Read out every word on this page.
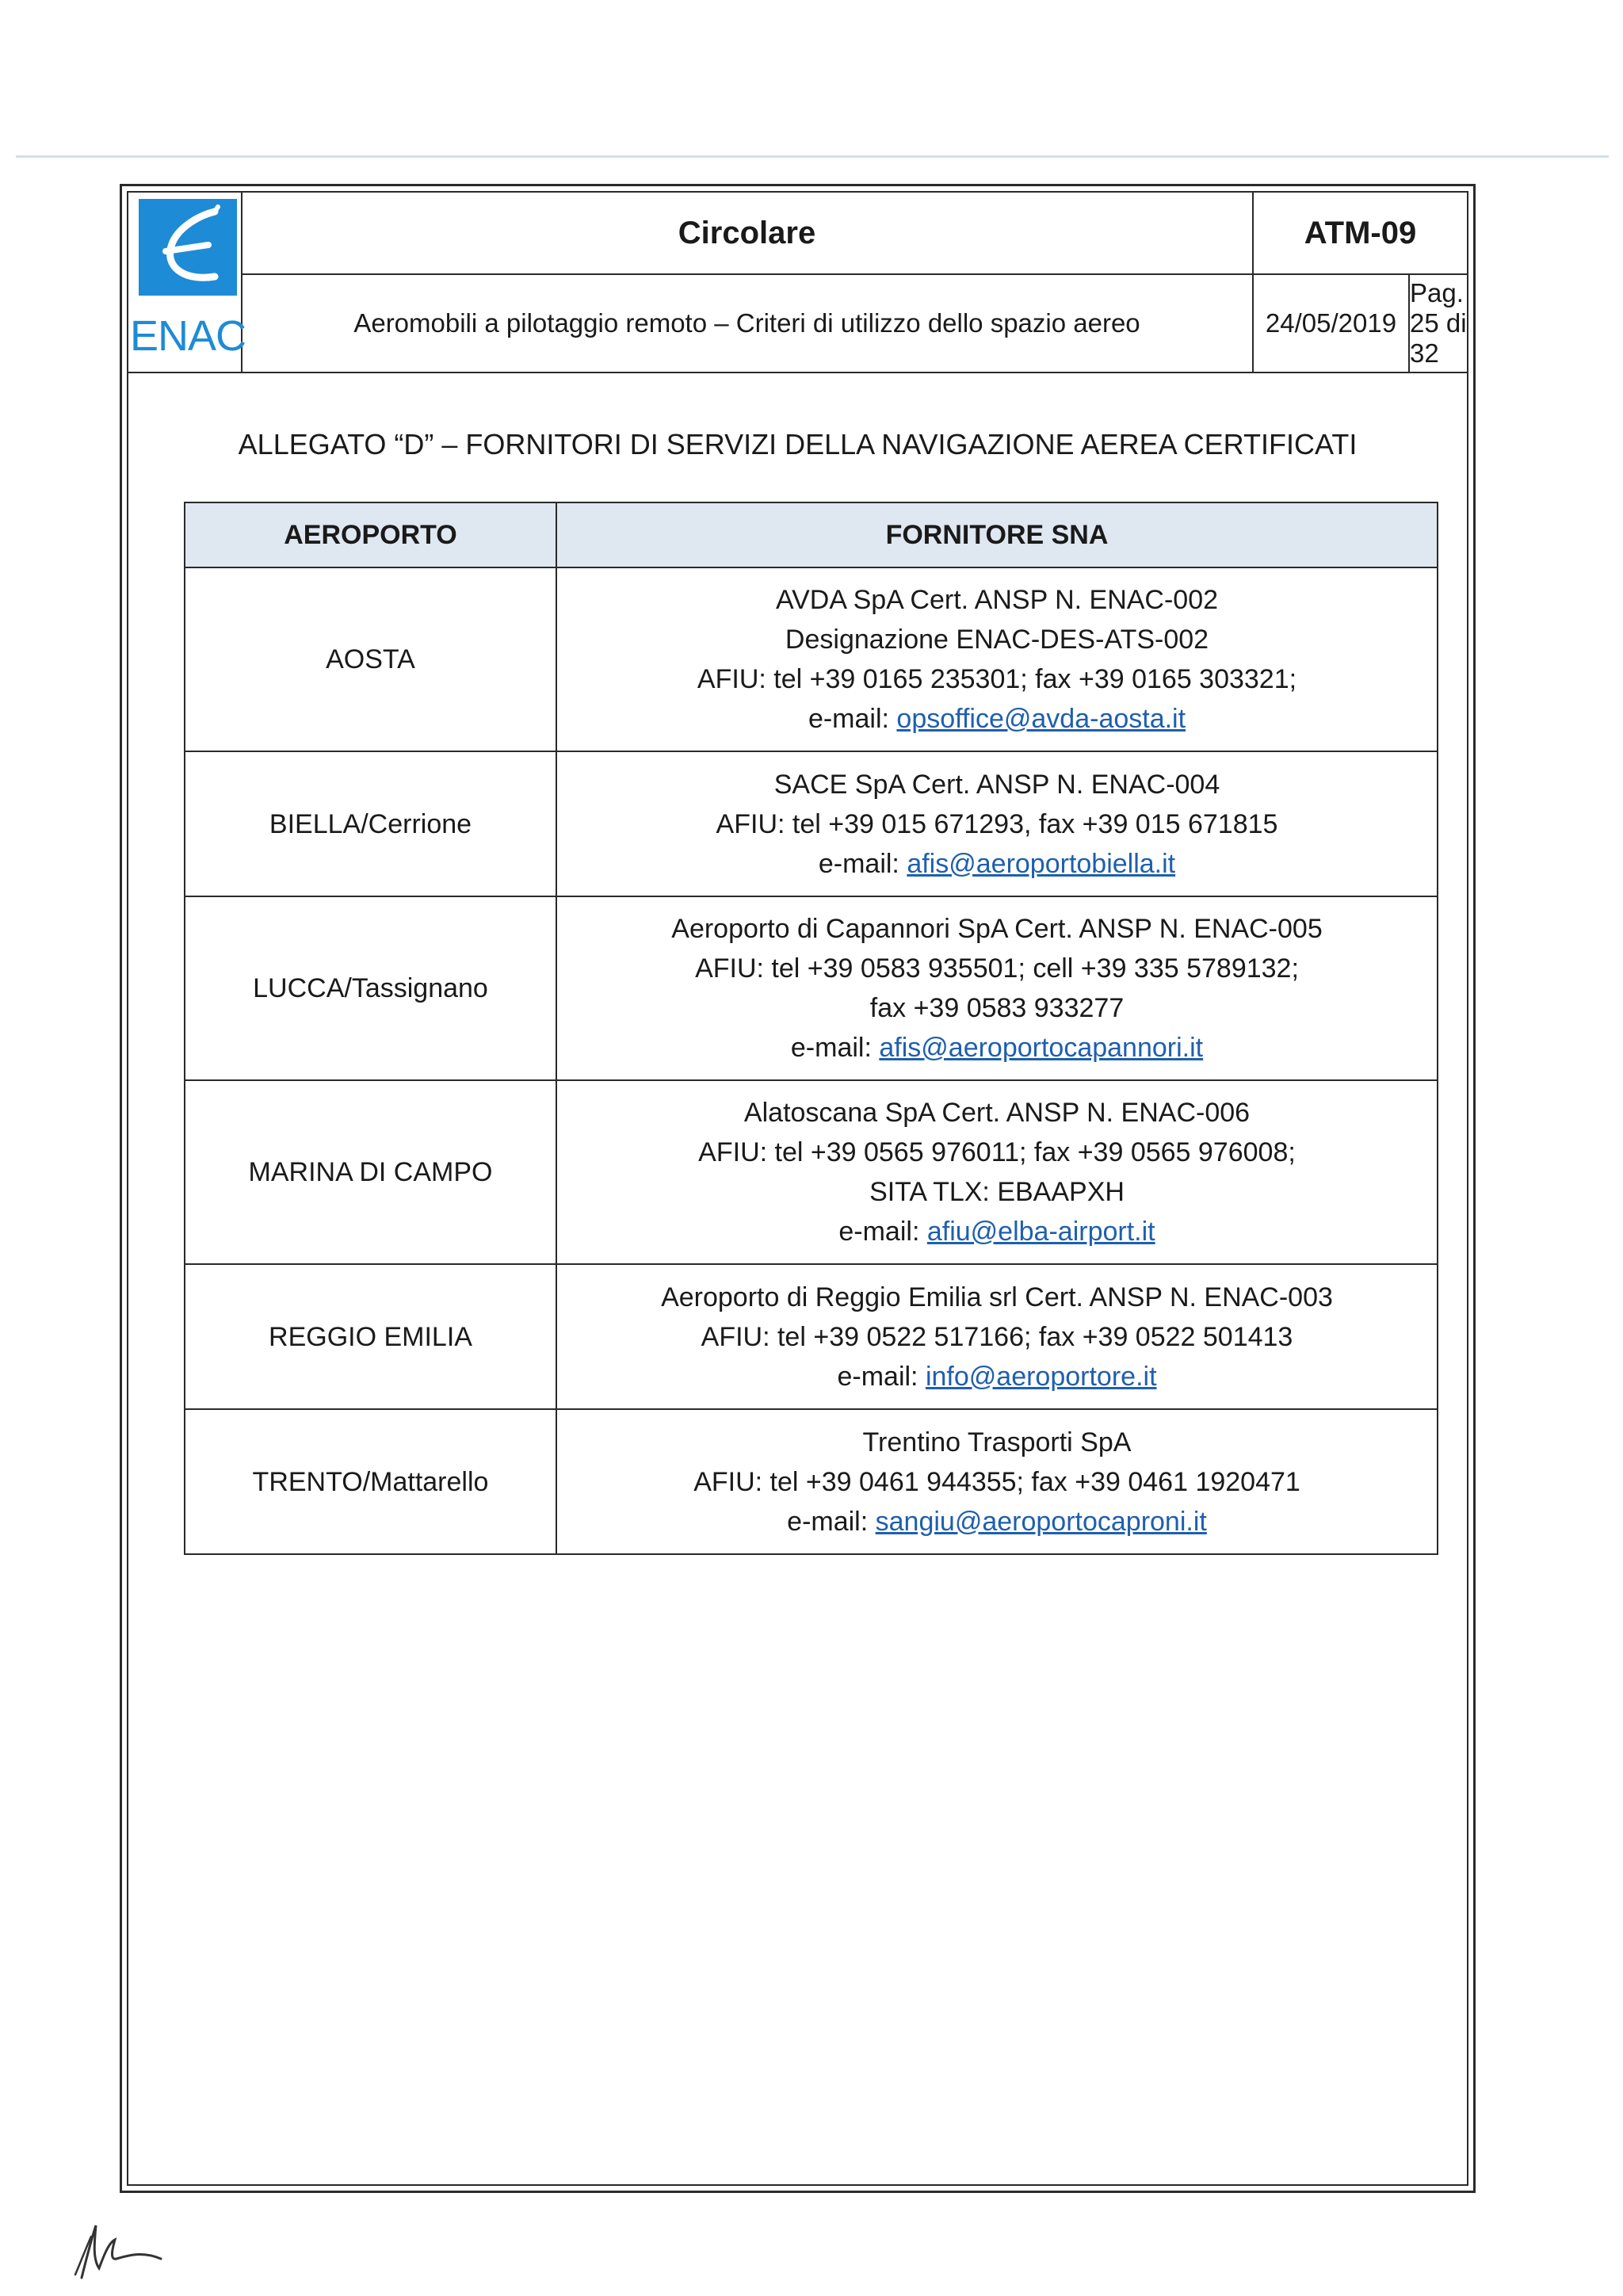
ENAC
Circolare	ATM-09
Aeromobili a pilotaggio remoto – Criteri di utilizzo dello spazio aereo	24/05/2019
Pag. 25 di 32
ALLEGATO “D” – FORNITORI DI SERVIZI DELLA NAVIGAZIONE AEREA CERTIFICATI
AEROPORTO	FORNITORE SNA
AOSTA	AVDA SpA Cert. ANSP N. ENAC-002
Designazione ENAC-DES-ATS-002
AFIU: tel +39 0165 235301; fax +39 0165 303321;
e-mail: opsoffice@avda-aosta.it

BIELLA/Cerrione	SACE SpA Cert. ANSP N. ENAC-004
AFIU: tel +39 015 671293, fax +39 015 671815
e-mail: afis@aeroportobiella.it

LUCCA/Tassignano	Aeroporto di Capannori SpA Cert. ANSP N. ENAC-005
AFIU: tel +39 0583 935501; cell +39 335 5789132;
fax +39 0583 933277
e-mail: afis@aeroportocapannori.it

MARINA DI CAMPO	Alatoscana SpA Cert. ANSP N. ENAC-006
AFIU: tel +39 0565 976011; fax +39 0565 976008;
SITA TLX: EBAAPXH
e-mail: afiu@elba-airport.it

REGGIO EMILIA	Aeroporto di Reggio Emilia srl Cert. ANSP N. ENAC-003
AFIU: tel +39 0522 517166; fax +39 0522 501413
e-mail: info@aeroportore.it

TRENTO/Mattarello	Trentino Trasporti SpA
AFIU: tel +39 0461 944355; fax +39 0461 1920471
e-mail: sangiu@aeroportocaproni.it
